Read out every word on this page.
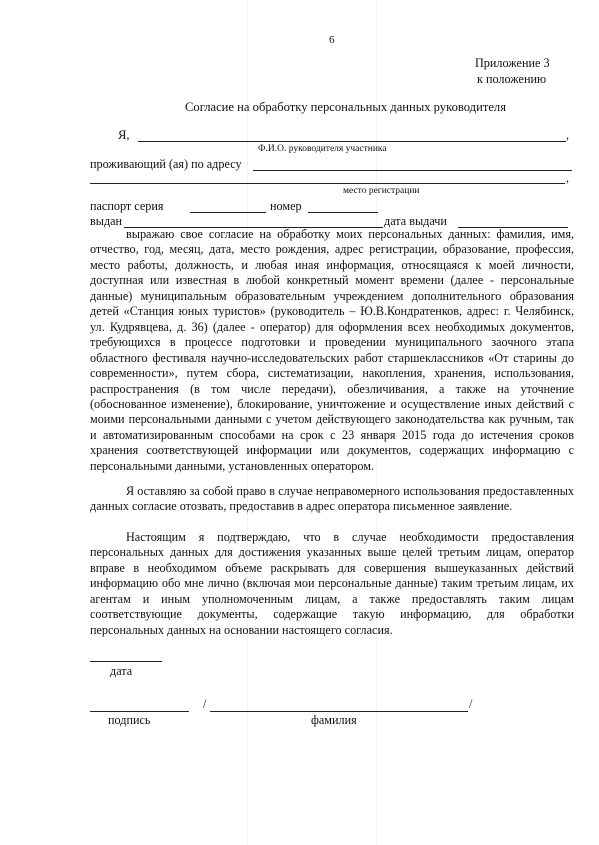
6
Приложение 3
к положению
Согласие на обработку персональных данных руководителя
Я,	,
Ф.И.О. руководителя участника
проживающий (ая) по адресу
,
место регистрации
паспорт серия	номер
выдан	дата выдачи

выражаю свое согласие на обработку моих персональных данных: фамилия, имя, отчество, год, месяц, дата, место рождения, адрес регистрации, образование, профессия, место работы, должность, и любая иная информация, относящаяся к моей личности, доступная или известная в любой конкретный момент времени (далее - персональные данные) муниципальным образовательным учреждением дополнительного образования детей «Станция юных туристов» (руководитель – Ю.В.Кондратенков, адрес: г. Челябинск, ул. Кудрявцева, д. 36) (далее - оператор) для оформления всех необходимых документов, требующихся в процессе подготовки и проведении муниципального заочного этапа областного фестиваля научно-исследовательских работ старшеклассников «От старины до современности», путем сбора, систематизации, накопления, хранения, использования, распространения (в том числе передачи), обезличивания, а также на уточнение (обоснованное изменение), блокирование, уничтожение и осуществление иных действий с моими персональными данными с учетом действующего законодательства как ручным, так и автоматизированным способами на срок с 23 января 2015 года до истечения сроков хранения соответствующей информации или документов, содержащих информацию с персональными данными, установленных оператором.

Я оставляю за собой право в случае неправомерного использования предоставленных данных согласие отозвать, предоставив в адрес оператора письменное заявление.

Настоящим я подтверждаю, что в случае необходимости предоставления персональных данных для достижения указанных выше целей третьим лицам, оператор вправе в необходимом объеме раскрывать для совершения вышеуказанных действий информацию обо мне лично (включая мои персональные данные) таким третьим лицам, их агентам и иным уполномоченным лицам, а также предоставлять таким лицам соответствующие документы, содержащие такую информацию, для обработки персональных данных на основании настоящего согласия.

дата
/	/
подпись	фамилия
